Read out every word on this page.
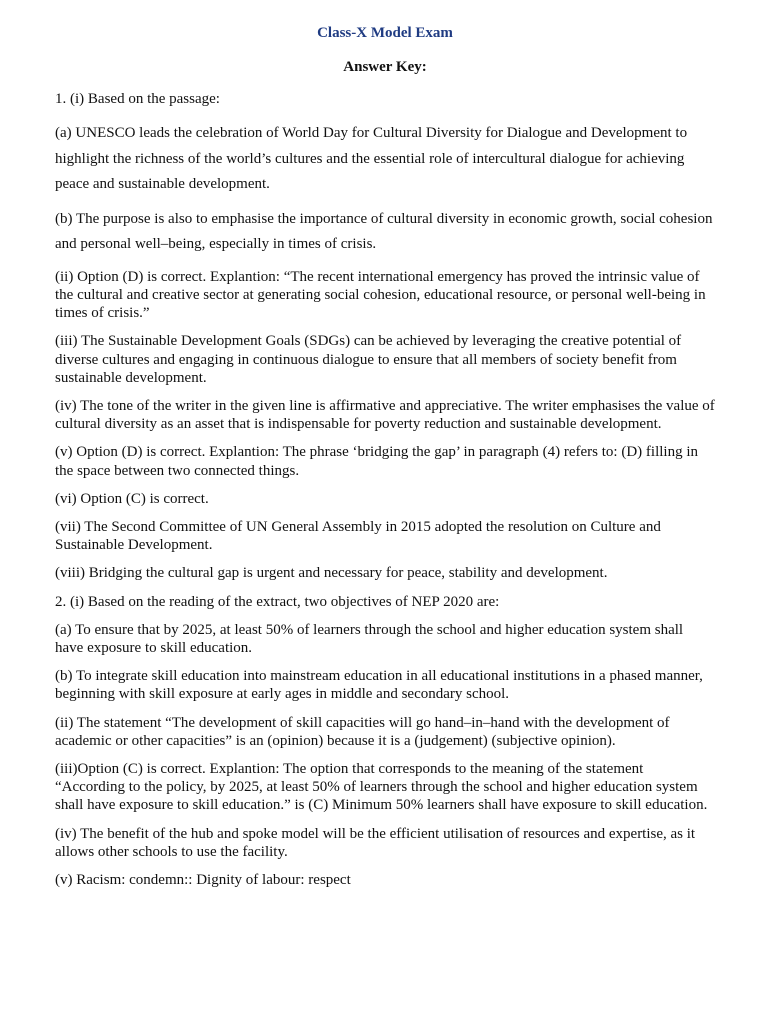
Class-X Model Exam
Answer Key:

1. (i) Based on the passage:

(a) UNESCO leads the celebration of World Day for Cultural Diversity for Dialogue and Development to highlight the richness of the world’s cultures and the essential role of intercultural dialogue for achieving peace and sustainable development.

(b) The purpose is also to emphasise the importance of cultural diversity in economic growth, social cohesion and personal well–being, especially in times of crisis.

(ii) Option (D) is correct. Explantion: “The recent international emergency has proved the intrinsic value of the cultural and creative sector at generating social cohesion, educational resource, or personal well-being in times of crisis.”

(iii) The Sustainable Development Goals (SDGs) can be achieved by leveraging the creative potential of diverse cultures and engaging in continuous dialogue to ensure that all members of society benefit from sustainable development.

(iv) The tone of the writer in the given line is affirmative and appreciative. The writer emphasises the value of cultural diversity as an asset that is indispensable for poverty reduction and sustainable development.

(v) Option (D) is correct. Explantion: The phrase ‘bridging the gap’ in paragraph (4) refers to: (D) filling in the space between two connected things.

(vi) Option (C) is correct.

(vii) The Second Committee of UN General Assembly in 2015 adopted the resolution on Culture and Sustainable Development.

(viii) Bridging the cultural gap is urgent and necessary for peace, stability and development.

2. (i) Based on the reading of the extract, two objectives of NEP 2020 are:

(a) To ensure that by 2025, at least 50% of learners through the school and higher education system shall have exposure to skill education.

(b) To integrate skill education into mainstream education in all educational institutions in a phased manner, beginning with skill exposure at early ages in middle and secondary school.

(ii) The statement “The development of skill capacities will go hand–in–hand with the development of academic or other capacities” is an (opinion) because it is a (judgement) (subjective opinion).

(iii)Option (C) is correct. Explantion: The option that corresponds to the meaning of the statement “According to the policy, by 2025, at least 50% of learners through the school and higher education system shall have exposure to skill education.” is (C) Minimum 50% learners shall have exposure to skill education.

(iv) The benefit of the hub and spoke model will be the efficient utilisation of resources and expertise, as it allows other schools to use the facility.

(v) Racism: condemn:: Dignity of labour: respect
